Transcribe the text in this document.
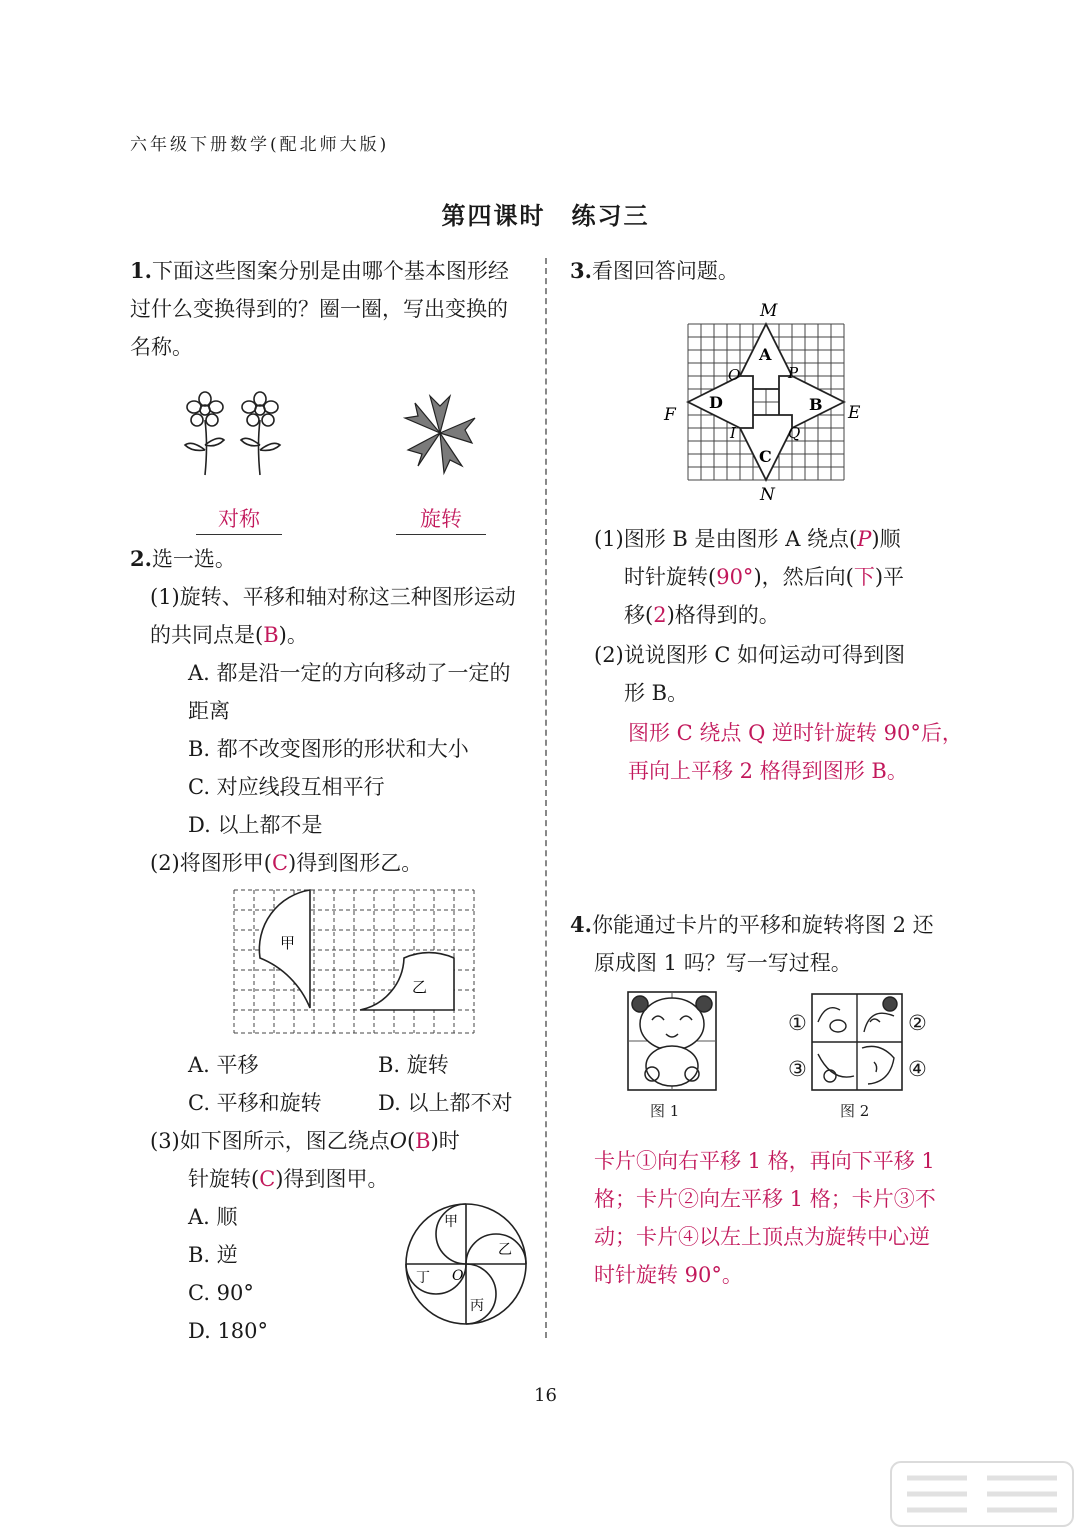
六年级下册数学(配北师大版)
第四课时　练习三
1.下面这些图案分别是由哪个基本图形经过什么变换得到的？圈一圈，写出变换的名称。
对称	旋转
2.选一选。
(1)旋转、平移和轴对称这三种图形运动的共同点是(B)。
A. 都是沿一定的方向移动了一定的距离
B. 都不改变图形的形状和大小
C. 对应线段互相平行
D. 以上都不是
(2)将图形甲(C)得到图形乙。
甲
乙
A. 平移	B. 旋转
C. 平移和旋转	D. 以上都不对
(3)如下图所示，图乙绕点O(B)时
针旋转(C)得到图甲。
A. 顺
B. 逆
C. 90°
D. 180°
甲
乙
丙
丁 O
3.看图回答问题。
M
N
E
F
O	P
I	Q
A
B
C
D
(1)图形 B 是由图形 A 绕点(P)顺
时针旋转(90°)，然后向(下)平
移(2)格得到的。
(2)说说图形 C 如何运动可得到图
形 B。
图形 C 绕点 Q 逆时针旋转 90°后，
再向上平移 2 格得到图形 B。
4.你能通过卡片的平移和旋转将图 2 还
原成图 1 吗？写一写过程。
图 1
①	②
③	④
图 2
卡片①向右平移 1 格，再向下平移 1
格；卡片②向左平移 1 格；卡片③不
动；卡片④以左上顶点为旋转中心逆
时针旋转 90°。
16
